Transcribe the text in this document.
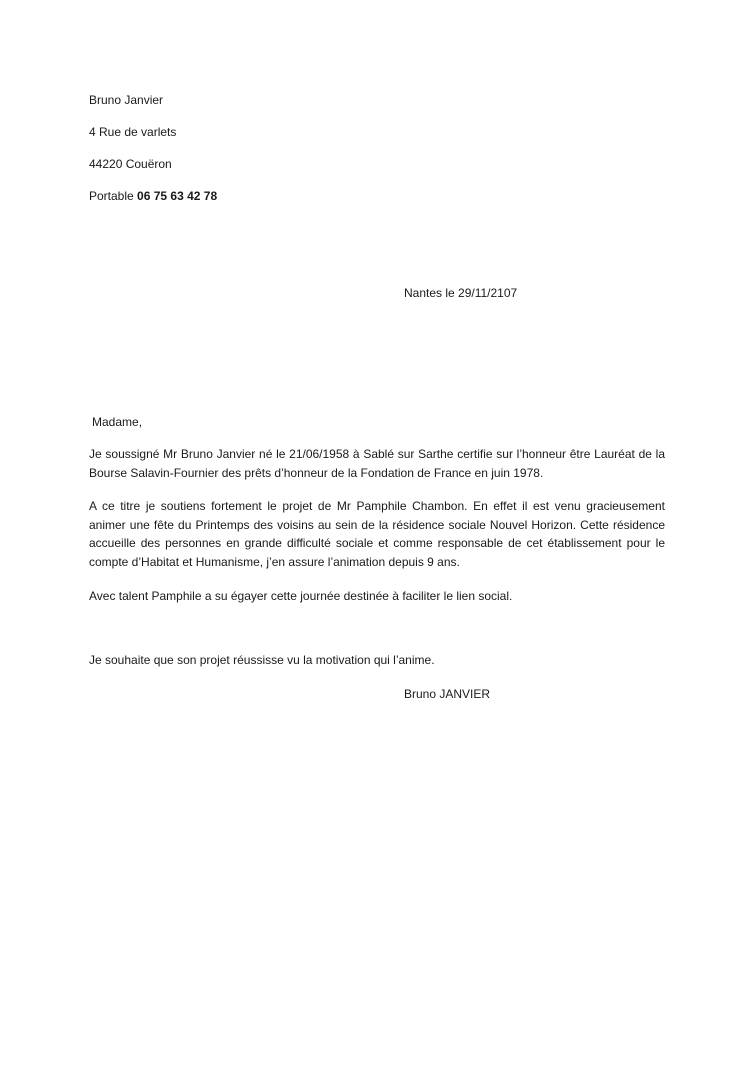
Bruno Janvier
4 Rue de varlets
44220 Couëron
Portable 06 75 63 42 78
Nantes le 29/11/2107
Madame,
Je soussigné Mr Bruno Janvier né le 21/06/1958 à Sablé sur Sarthe certifie sur l’honneur être Lauréat de la Bourse Salavin-Fournier des prêts d’honneur de la Fondation de France en juin 1978.
A ce titre je soutiens fortement le projet de Mr Pamphile Chambon. En effet il est venu gracieusement animer une fête du Printemps des voisins au sein de la résidence sociale Nouvel Horizon. Cette résidence accueille des personnes en grande difficulté sociale et comme responsable de cet établissement pour le compte d’Habitat et Humanisme, j’en assure l’animation depuis 9 ans.
Avec talent Pamphile a su égayer cette journée destinée à faciliter le lien social.
Je souhaite que son projet réussisse vu la motivation qui l’anime.
Bruno JANVIER
